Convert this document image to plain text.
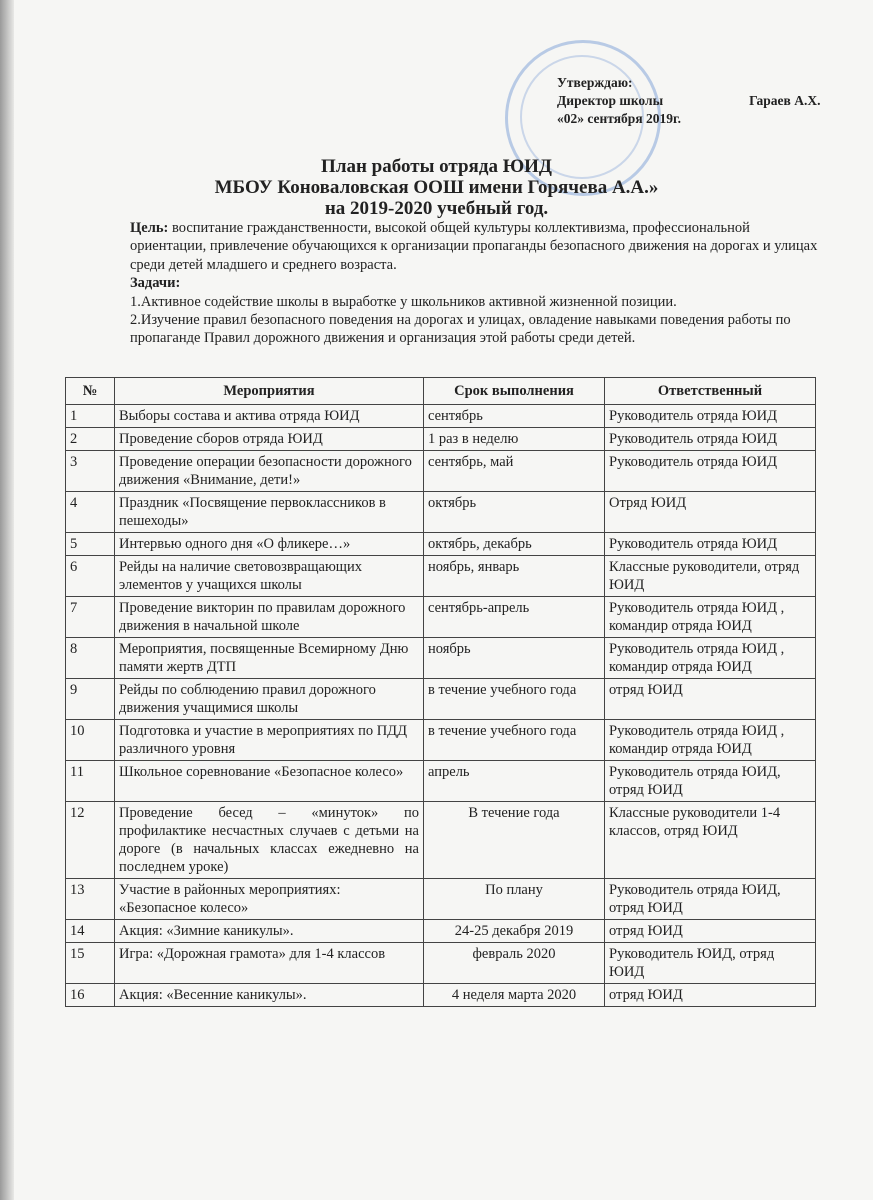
Утверждаю:
Директор школы	Гараев А.Х.
«02» сентября 2019г.
План работы отряда ЮИД
МБОУ Коноваловская ООШ имени Горячева А.А.»
на 2019-2020 учебный год.
Цель: воспитание гражданственности, высокой общей культуры коллективизма, профессиональной ориентации, привлечение обучающихся к организации пропаганды безопасного движения на дорогах и улицах среди детей младшего и среднего возраста.
Задачи:
1.Активное содействие школы в выработке у школьников активной жизненной позиции.
2.Изучение правил безопасного поведения на дорогах и улицах, овладение навыками поведения работы по пропаганде Правил дорожного движения и организация этой работы среди детей.
№	Мероприятия	Срок выполнения	Ответственный
1	Выборы состава и актива отряда ЮИД	сентябрь	Руководитель отряда ЮИД
2	Проведение сборов отряда ЮИД	1 раз в неделю	Руководитель отряда ЮИД
3	Проведение операции безопасности дорожного движения «Внимание, дети!»	сентябрь, май	Руководитель отряда ЮИД
4	Праздник «Посвящение первоклассников в пешеходы»	октябрь	Отряд ЮИД
5	Интервью одного дня «О фликере…»	октябрь, декабрь	Руководитель отряда ЮИД
6	Рейды на наличие световозвращающих элементов у учащихся школы	ноябрь, январь	Классные руководители, отряд ЮИД
7	Проведение викторин по правилам дорожного движения в начальной школе	сентябрь-апрель	Руководитель отряда ЮИД , командир отряда ЮИД
8	Мероприятия, посвященные Всемирному Дню памяти жертв ДТП	ноябрь	Руководитель отряда ЮИД , командир отряда ЮИД
9	Рейды по соблюдению правил дорожного движения учащимися школы	в течение учебного года	отряд ЮИД
10	Подготовка и участие в мероприятиях по ПДД различного уровня	в течение учебного года	Руководитель отряда ЮИД , командир отряда ЮИД
11	Школьное соревнование «Безопасное колесо»	апрель	Руководитель отряда ЮИД, отряд ЮИД
12	Проведение бесед – «минуток» по профилактике несчастных случаев с детьми на дороге (в начальных классах ежедневно на последнем уроке)	В течение года	Классные руководители 1-4 классов, отряд ЮИД
13	Участие в районных мероприятиях: «Безопасное колесо»	По плану	Руководитель отряда ЮИД, отряд ЮИД
14	Акция: «Зимние каникулы».	24-25 декабря 2019	отряд ЮИД
15	Игра: «Дорожная грамота» для 1-4 классов	февраль 2020	Руководитель ЮИД, отряд ЮИД
16	Акция: «Весенние каникулы».	4 неделя марта 2020	отряд ЮИД
